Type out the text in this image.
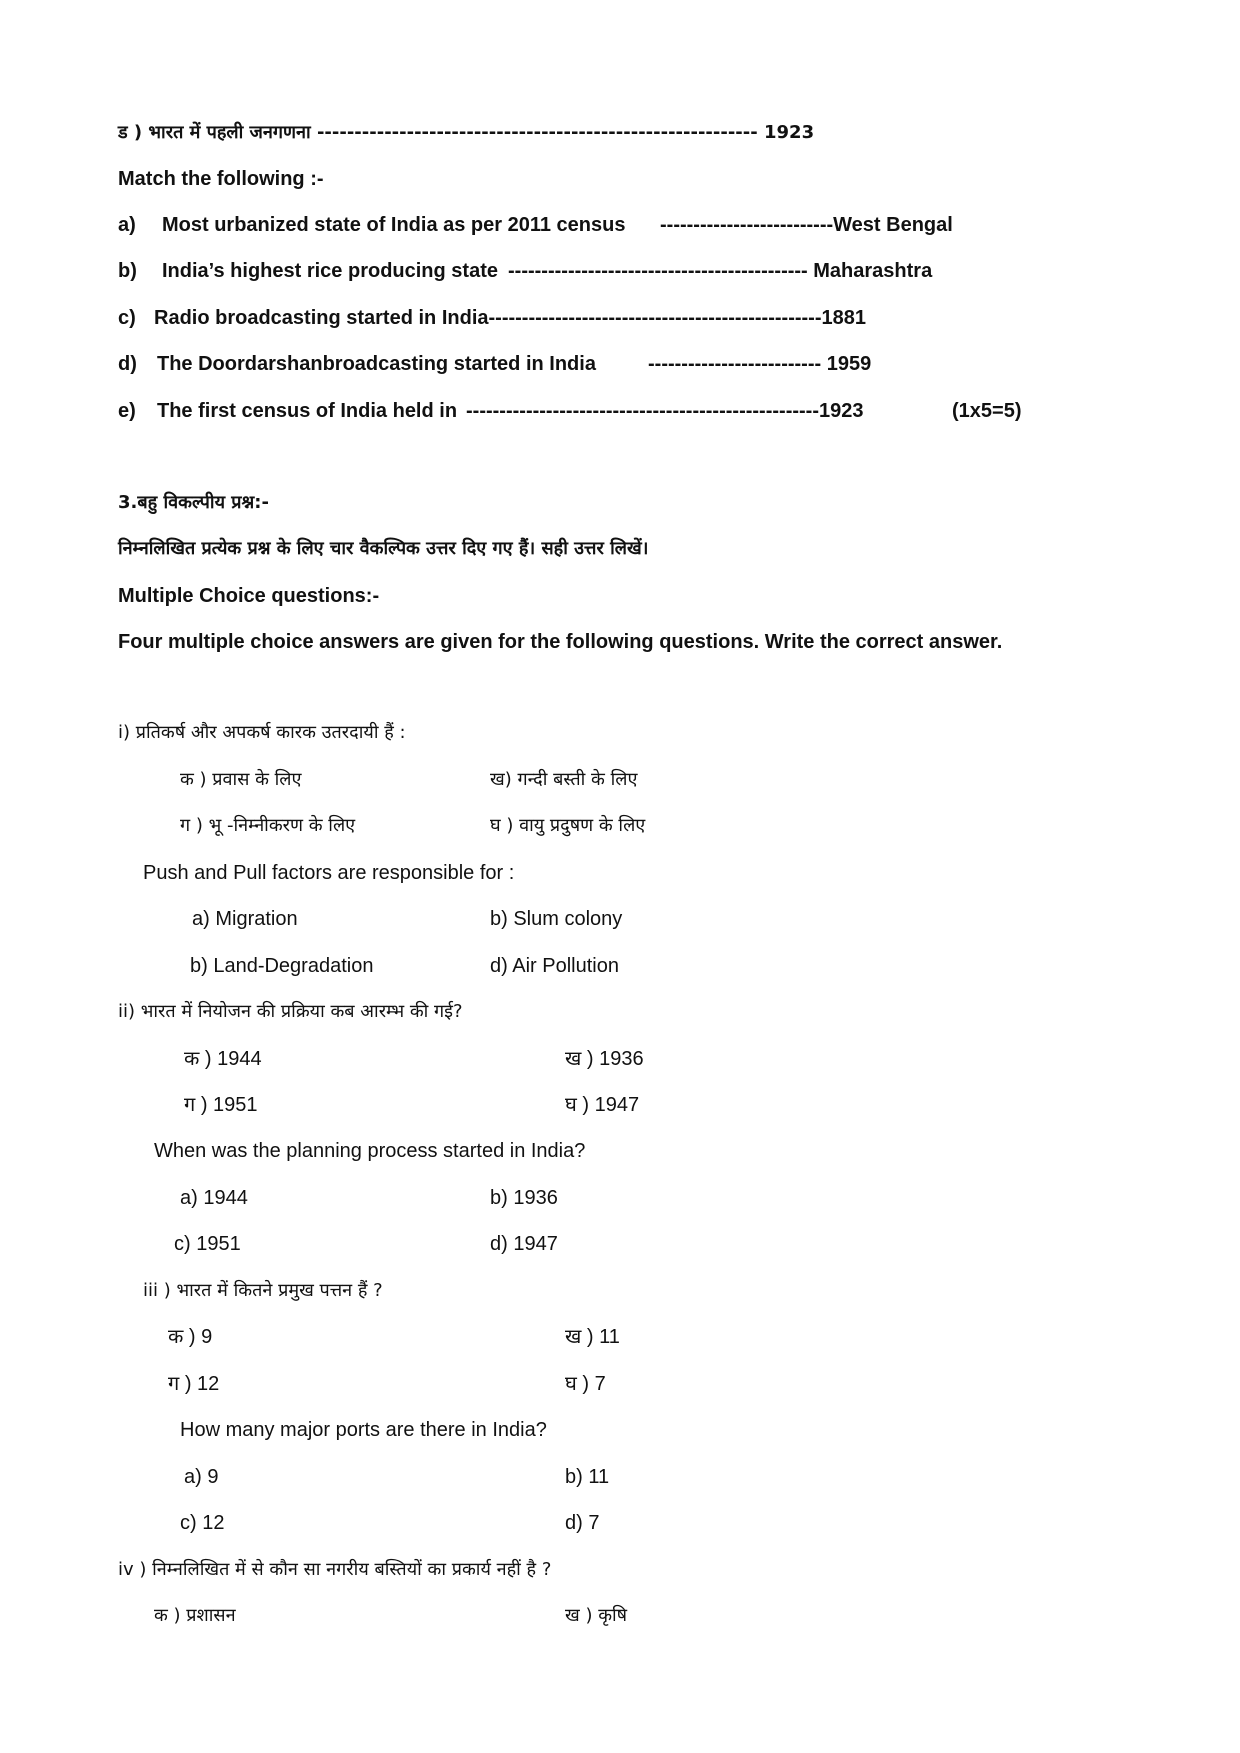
ड ) भारत में पहली जनगणना ----------------------------------------------------------- 1923
Match the following :-
a) Most urbanized state of India as per 2011 census --------------------------West Bengal
b) India’s highest rice producing state --------------------------------------------- Maharashtra
c) Radio broadcasting started in India--------------------------------------------------1881
d) The Doordarshanbroadcasting started in India	-------------------------- 1959
e) The first census of India held in -----------------------------------------------------1923	(1x5=5)
3.बहु विकल्पीय प्रश्न:-
निम्नलिखित प्रत्येक प्रश्न के लिए चार वैकल्पिक उत्तर दिए गए हैं। सही उत्तर लिखें।
Multiple Choice questions:-
Four multiple choice answers are given for the following questions. Write the correct answer.
i) प्रतिकर्ष और अपकर्ष कारक उतरदायी हैं :
क ) प्रवास के लिए	ख) गन्दी बस्ती के लिए
ग ) भू -निम्नीकरण के लिए	घ ) वायु प्रदुषण के लिए
Push and Pull factors are responsible for :
a) Migration	b) Slum colony
b) Land-Degradation	d) Air Pollution
ii) भारत में नियोजन की प्रक्रिया कब आरम्भ की गई?
क ) 1944	ख ) 1936
ग ) 1951	घ ) 1947
When was the planning process started in India?
a) 1944	b) 1936
c) 1951	d) 1947
iii ) भारत में कितने प्रमुख पत्तन हैं ?
क ) 9	ख ) 11
ग ) 12	घ ) 7
How many major ports are there in India?
a) 9	b) 11
c) 12	d) 7
iv ) निम्नलिखित में से कौन सा नगरीय बस्तियों का प्रकार्य नहीं है ?
क ) प्रशासन	ख ) कृषि
